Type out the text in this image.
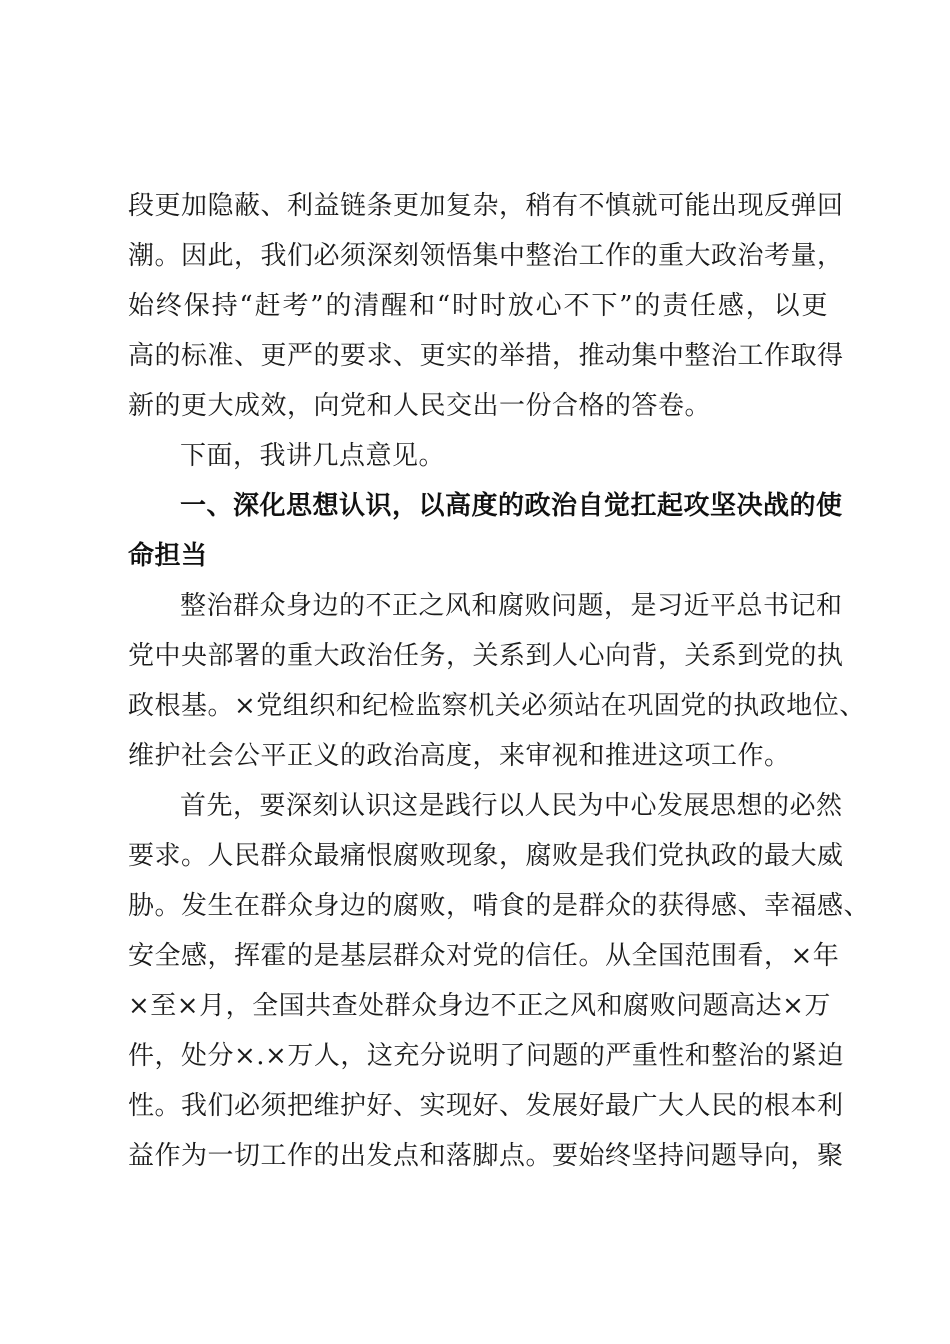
段更加隐蔽、利益链条更加复杂，稍有不慎就可能出现反弹回
潮。因此，我们必须深刻领悟集中整治工作的重大政治考量，
始终保持“赶考”的清醒和“时时放心不下”的责任感，以更
高的标准、更严的要求、更实的举措，推动集中整治工作取得
新的更大成效，向党和人民交出一份合格的答卷。
下面，我讲几点意见。
一、深化思想认识，以高度的政治自觉扛起攻坚决战的使
命担当
整治群众身边的不正之风和腐败问题，是习近平总书记和
党中央部署的重大政治任务，关系到人心向背，关系到党的执
政根基。×党组织和纪检监察机关必须站在巩固党的执政地位、
维护社会公平正义的政治高度，来审视和推进这项工作。
首先，要深刻认识这是践行以人民为中心发展思想的必然
要求。人民群众最痛恨腐败现象，腐败是我们党执政的最大威
胁。发生在群众身边的腐败，啃食的是群众的获得感、幸福感、
安全感，挥霍的是基层群众对党的信任。从全国范围看，×年
×至×月，全国共查处群众身边不正之风和腐败问题高达×万
件，处分×.×万人，这充分说明了问题的严重性和整治的紧迫
性。我们必须把维护好、实现好、发展好最广大人民的根本利
益作为一切工作的出发点和落脚点。要始终坚持问题导向，聚
